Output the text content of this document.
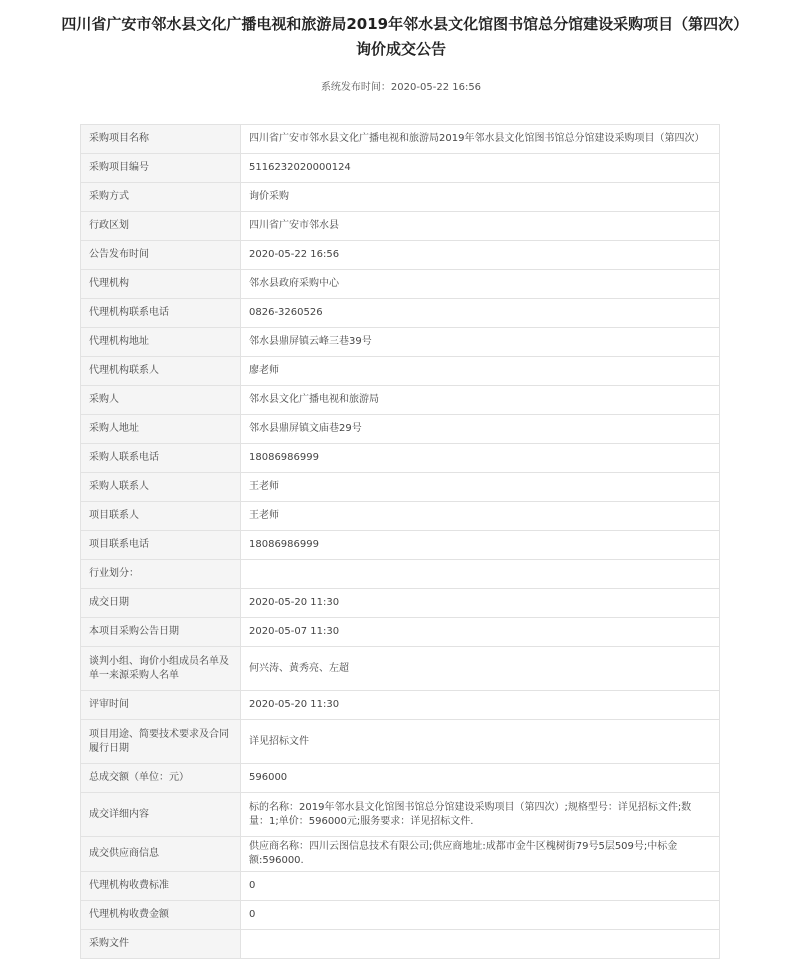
四川省广安市邻水县文化广播电视和旅游局2019年邻水县文化馆图书馆总分馆建设采购项目（第四次）询价成交公告
系统发布时间：2020-05-22 16:56
采购项目名称	四川省广安市邻水县文化广播电视和旅游局2019年邻水县文化馆图书馆总分馆建设采购项目（第四次）
采购项目编号	5116232020000124
采购方式	询价采购
行政区划	四川省广安市邻水县
公告发布时间	2020-05-22 16:56
代理机构	邻水县政府采购中心
代理机构联系电话	0826-3260526
代理机构地址	邻水县鼎屏镇云峰三巷39号
代理机构联系人	廖老师
采购人	邻水县文化广播电视和旅游局
采购人地址	邻水县鼎屏镇文庙巷29号
采购人联系电话	18086986999
采购人联系人	王老师
项目联系人	王老师
项目联系电话	18086986999
行业划分：	
成交日期	2020-05-20 11:30
本项目采购公告日期	2020-05-07 11:30
谈判小组、询价小组成员名单及单一来源采购人名单	何兴涛、黄秀亮、左超
评审时间	2020-05-20 11:30
项目用途、简要技术要求及合同履行日期	详见招标文件
总成交额（单位：元）	596000
成交详细内容	标的名称：2019年邻水县文化馆图书馆总分馆建设采购项目（第四次）;规格型号：详见招标文件;数量：1;单价：596000元;服务要求：详见招标文件.
成交供应商信息	供应商名称：四川云图信息技术有限公司;供应商地址:成都市金牛区槐树街79号5层509号;中标金额:596000.
代理机构收费标准	0
代理机构收费金额	0
采购文件	
